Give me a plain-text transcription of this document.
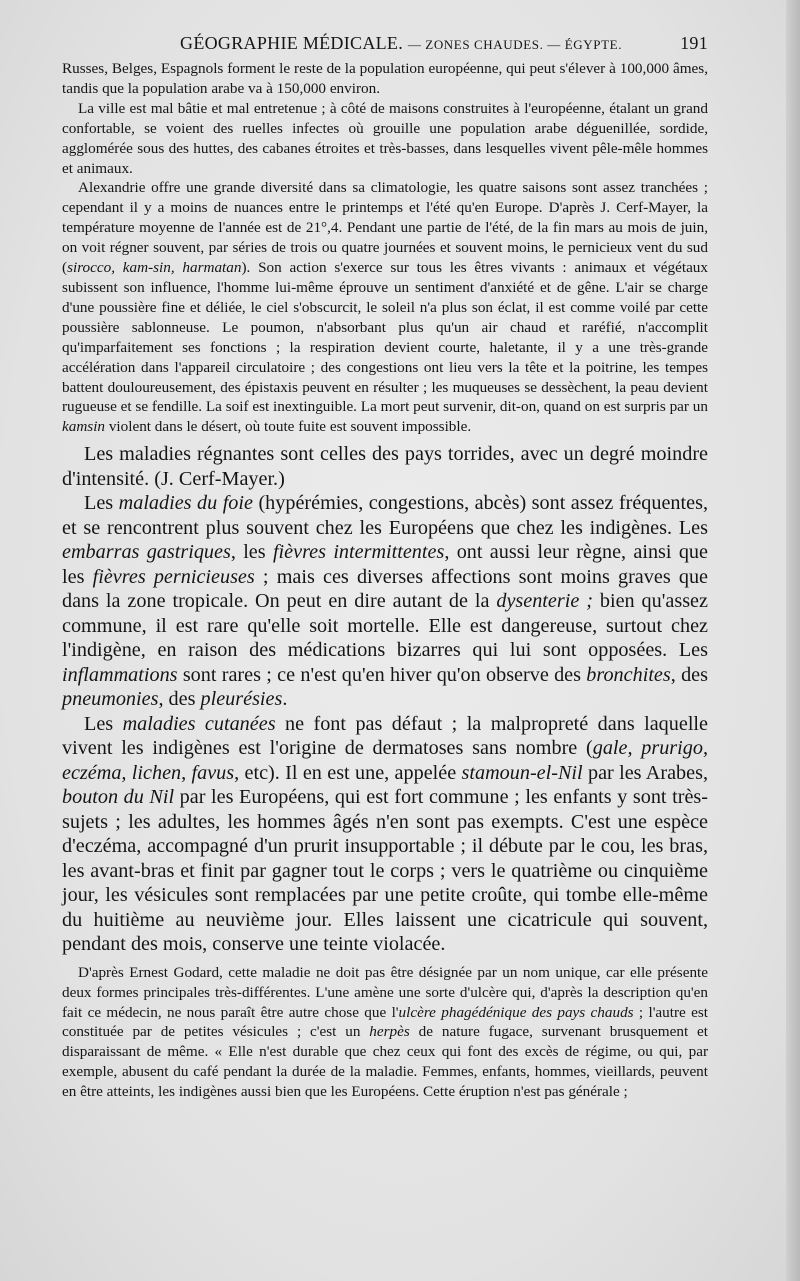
GÉOGRAPHIE MÉDICALE. — ZONES CHAUDES. — ÉGYPTE.	191

Russes, Belges, Espagnols forment le reste de la population européenne, qui peut s'élever à 100,000 âmes, tandis que la population arabe va à 150,000 environ.

La ville est mal bâtie et mal entretenue ; à côté de maisons construites à l'européenne, étalant un grand confortable, se voient des ruelles infectes où grouille une population arabe déguenillée, sordide, agglomérée sous des huttes, des cabanes étroites et très-basses, dans lesquelles vivent pêle-mêle hommes et animaux.

Alexandrie offre une grande diversité dans sa climatologie, les quatre saisons sont assez tranchées ; cependant il y a moins de nuances entre le printemps et l'été qu'en Europe. D'après J. Cerf-Mayer, la température moyenne de l'année est de 21°,4. Pendant une partie de l'été, de la fin mars au mois de juin, on voit régner souvent, par séries de trois ou quatre journées et souvent moins, le pernicieux vent du sud (sirocco, kam-sin, harmatan). Son action s'exerce sur tous les êtres vivants : animaux et végétaux subissent son influence, l'homme lui-même éprouve un sentiment d'anxiété et de gêne. L'air se charge d'une poussière fine et déliée, le ciel s'obscurcit, le soleil n'a plus son éclat, il est comme voilé par cette poussière sablonneuse. Le poumon, n'absorbant plus qu'un air chaud et raréfié, n'accomplit qu'imparfaitement ses fonctions ; la respiration devient courte, haletante, il y a une très-grande accélération dans l'appareil circulatoire ; des congestions ont lieu vers la tête et la poitrine, les tempes battent douloureusement, des épistaxis peuvent en résulter ; les muqueuses se dessèchent, la peau devient rugueuse et se fendille. La soif est inextinguible. La mort peut survenir, dit-on, quand on est surpris par un kamsin violent dans le désert, où toute fuite est souvent impossible.

Les maladies régnantes sont celles des pays torrides, avec un degré moindre d'intensité. (J. Cerf-Mayer.)

Les maladies du foie (hypérémies, congestions, abcès) sont assez fréquentes, et se rencontrent plus souvent chez les Européens que chez les indigènes. Les embarras gastriques, les fièvres intermittentes, ont aussi leur règne, ainsi que les fièvres pernicieuses ; mais ces diverses affections sont moins graves que dans la zone tropicale. On peut en dire autant de la dysenterie ; bien qu'assez commune, il est rare qu'elle soit mortelle. Elle est dangereuse, surtout chez l'indigène, en raison des médications bizarres qui lui sont opposées. Les inflammations sont rares ; ce n'est qu'en hiver qu'on observe des bronchites, des pneumonies, des pleurésies.

Les maladies cutanées ne font pas défaut ; la malpropreté dans laquelle vivent les indigènes est l'origine de dermatoses sans nombre (gale, prurigo, eczéma, lichen, favus, etc). Il en est une, appelée stamoun-el-Nil par les Arabes, bouton du Nil par les Européens, qui est fort commune ; les enfants y sont très-sujets ; les adultes, les hommes âgés n'en sont pas exempts. C'est une espèce d'eczéma, accompagné d'un prurit insupportable ; il débute par le cou, les bras, les avant-bras et finit par gagner tout le corps ; vers le quatrième ou cinquième jour, les vésicules sont remplacées par une petite croûte, qui tombe elle-même du huitième au neuvième jour. Elles laissent une cicatricule qui souvent, pendant des mois, conserve une teinte violacée.

D'après Ernest Godard, cette maladie ne doit pas être désignée par un nom unique, car elle présente deux formes principales très-différentes. L'une amène une sorte d'ulcère qui, d'après la description qu'en fait ce médecin, ne nous paraît être autre chose que l'ulcère phagédénique des pays chauds ; l'autre est constituée par de petites vésicules ; c'est un herpès de nature fugace, survenant brusquement et disparaissant de même. « Elle n'est durable que chez ceux qui font des excès de régime, ou qui, par exemple, abusent du café pendant la durée de la maladie. Femmes, enfants, hommes, vieillards, peuvent en être atteints, les indigènes aussi bien que les Européens. Cette éruption n'est pas générale ;
